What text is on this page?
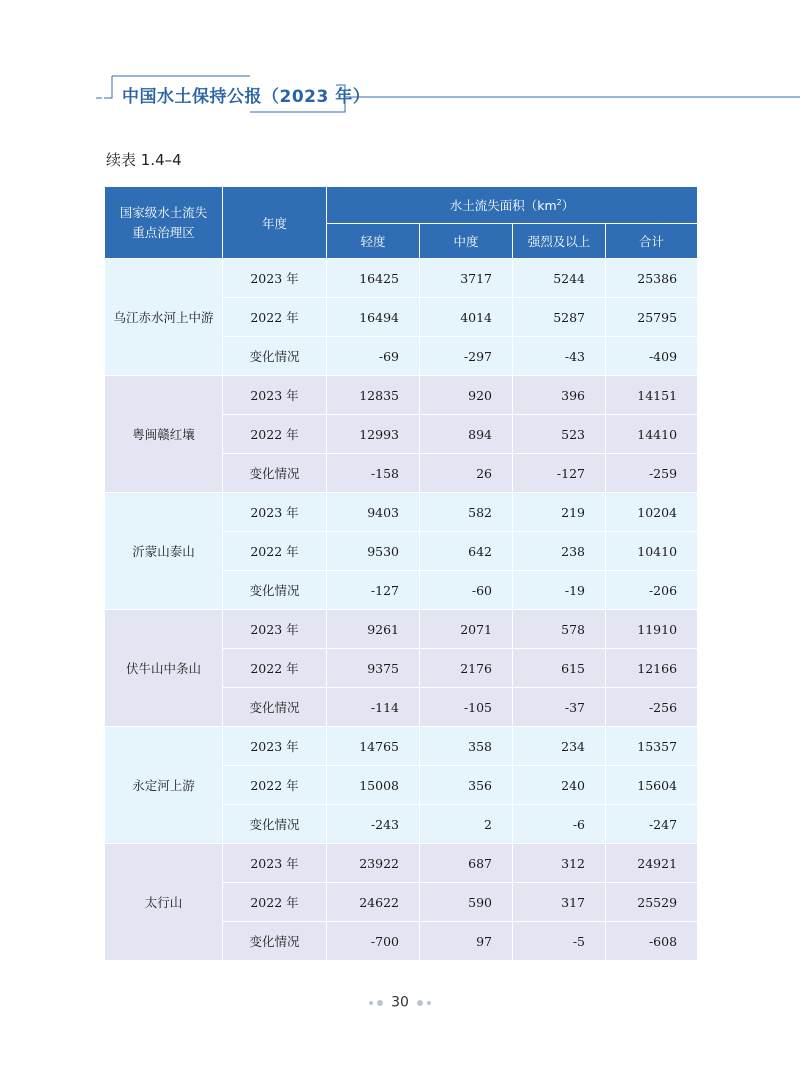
中国水土保持公报（2023 年）
续表 1.4–4
国家级水土流失重点治理区	年度	水土流失面积$(km^2)$			
		轻度	中度	强烈及以上	合计
乌江赤水河上中游	2023 年	16425	3717	5244	25386
	2022 年	16494	4014	5287	25795
	变化情况	-69	-297	-43	-409
粤闽赣红壤	2023 年	12835	920	396	14151
	2022 年	12993	894	523	14410
	变化情况	-158	26	-127	-259
沂蒙山泰山	2023 年	9403	582	219	10204
	2022 年	9530	642	238	10410
	变化情况	-127	-60	-19	-206
伏牛山中条山	2023 年	9261	2071	578	11910
	2022 年	9375	2176	615	12166
	变化情况	-114	-105	-37	-256
永定河上游	2023 年	14765	358	234	15357
	2022 年	15008	356	240	15604
	变化情况	-243	2	-6	-247
太行山	2023 年	23922	687	312	24921
	2022 年	24622	590	317	25529
	变化情况	-700	97	-5	-608
30
